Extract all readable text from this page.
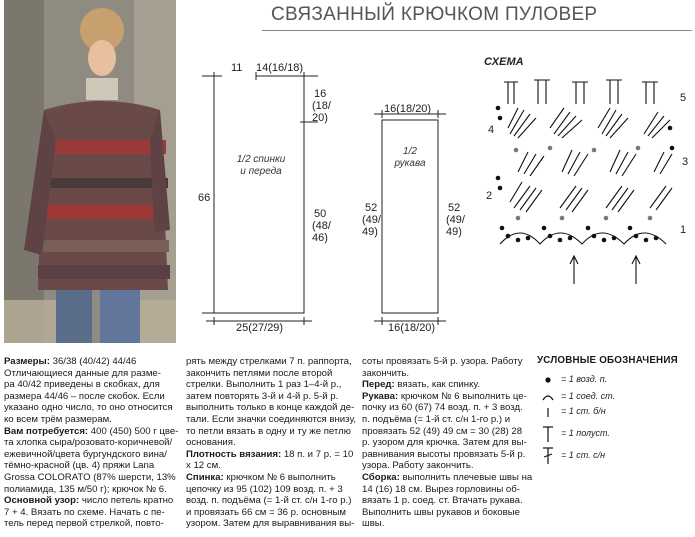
СВЯЗАННЫЙ КРЮЧКОМ ПУЛОВЕР
11 14(16/18)
16
(18/
20)
66
50
(48/
46)
25(27/29)
1/2 спинки
и переда
16(18/20)
52
(49/
49)
52
(49/
49)
16(18/20)
1/2
рукава
СХЕМА
5
4
3
2
1

Размеры: 36/38 (40/42) 44/46

Отличающиеся данные для разме-

ра 40/42 приведены в скобках, для

размера 44/46 – после скобок. Если

указано одно число, то оно относится

ко всем трём размерам.

Вам потребуется: 400 (450) 500 г цве-

та хлопка сыра/розовато-коричневой/

ежевичной/цвета бургундского вина/

тёмно-красной (цв. 4) пряжи Lana

Grossa COLORATO (87% шерсти, 13%

полиамида, 135 м/50 г); крючок № 6.

Основной узор: число петель кратно

7 + 4. Вязать по схеме. Начать с пе-

тель перед первой стрелкой, повто-

рять между стрелками 7 п. раппорта,

закончить петлями после второй

стрелки. Выполнить 1 раз 1–4-й р.,

затем повторять 3-й и 4-й р. 5-й р.

выполнить только в конце каждой де-

тали. Если значки соединяются внизу,

то петли вязать в одну и ту же петлю

основания.

Плотность вязания: 18 п. и 7 р. = 10

х 12 см.

Спинка: крючком № 6 выполнить

цепочку из 95 (102) 109 возд. п. + 3

возд. п. подъёма (= 1-й ст. с/н 1-го р.)

и провязать 66 см = 36 р. основным

узором. Затем для выравнивания вы-

соты провязать 5-й р. узора. Работу

закончить.

Перед: вязать, как спинку.

Рукава: крючком № 6 выполнить це-

почку из 60 (67) 74 возд. п. + 3 возд.

п. подъёма (= 1-й ст. с/н 1-го р.) и

провязать 52 (49) 49 см = 30 (28) 28

р. узором для крючка. Затем для вы-

равнивания высоты провязать 5-й р.

узора. Работу закончить.

Сборка: выполнить плечевые швы на

14 (16) 18 см. Вырез горловины об-

вязать 1 р. соед. ст. Втачать рукава.

Выполнить швы рукавов и боковые

швы.

УСЛОВНЫЕ ОБОЗНАЧЕНИЯ
= 1 возд. п.
= 1 соед. ст.
= 1 ст. б/н
= 1 полуст.
= 1 ст. с/н
